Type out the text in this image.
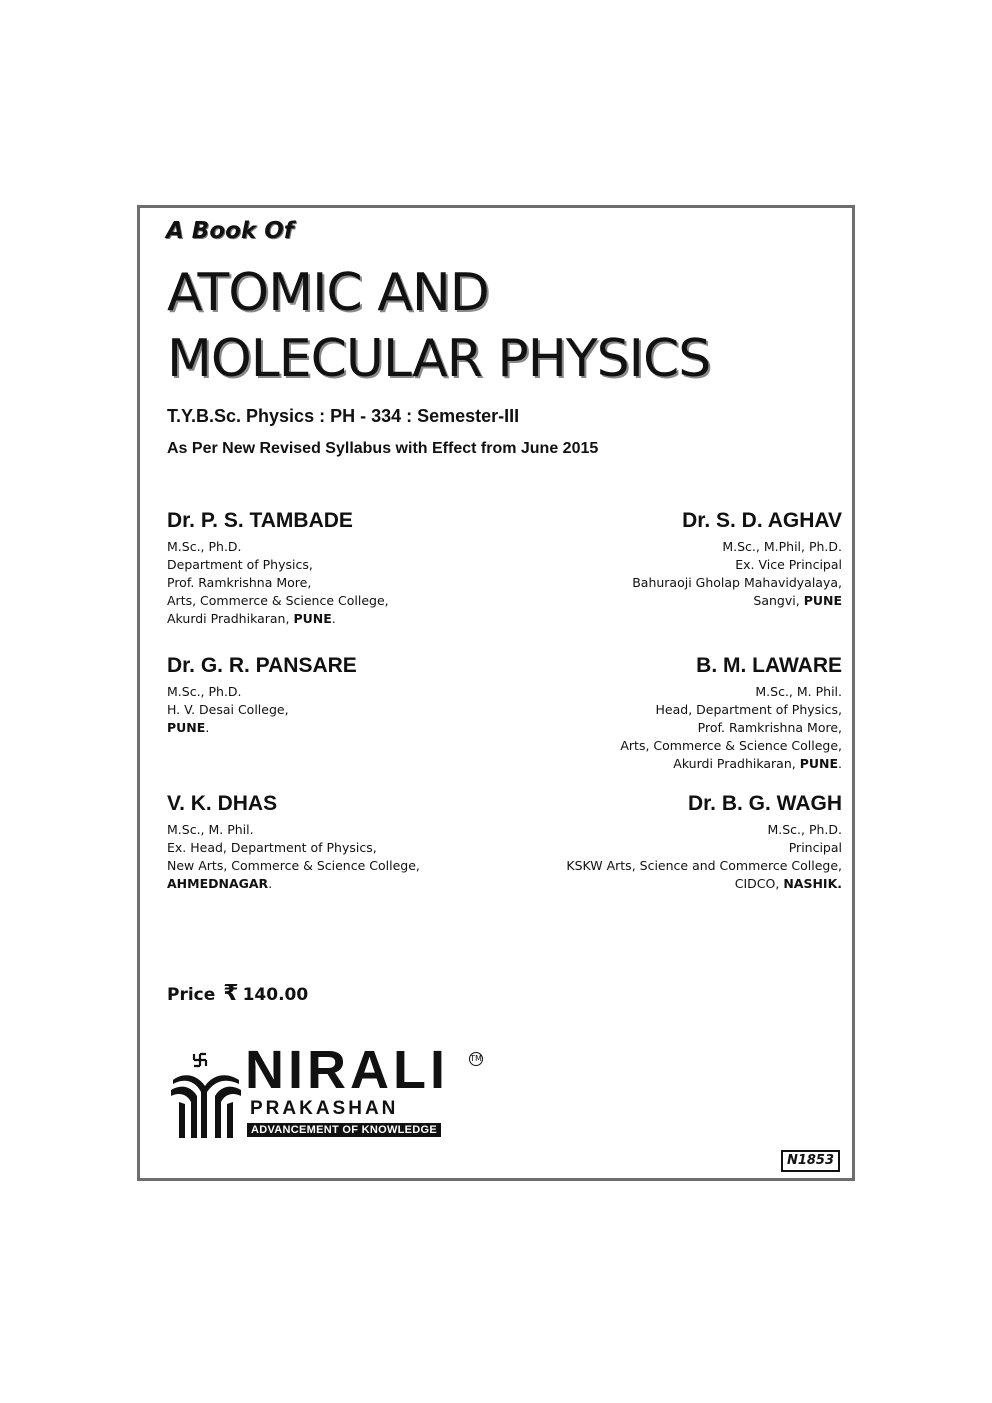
A Book Of
ATOMIC AND
MOLECULAR PHYSICS
T.Y.B.Sc. Physics : PH - 334 : Semester-III
As Per New Revised Syllabus with Effect from June 2015
Dr. P. S. TAMBADE
M.Sc., Ph.D.
Department of Physics,
Prof. Ramkrishna More,
Arts, Commerce & Science College,
Akurdi Pradhikaran, PUNE.
Dr. S. D. AGHAV
M.Sc., M.Phil, Ph.D.
Ex. Vice Principal
Bahuraoji Gholap Mahavidyalaya,
Sangvi, PUNE
Dr. G. R. PANSARE
M.Sc., Ph.D.
H. V. Desai College,
PUNE.
B. M. LAWARE
M.Sc., M. Phil.
Head, Department of Physics,
Prof. Ramkrishna More,
Arts, Commerce & Science College,
Akurdi Pradhikaran, PUNE.
V. K. DHAS
M.Sc., M. Phil.
Ex. Head, Department of Physics,
New Arts, Commerce & Science College,
AHMEDNAGAR.
Dr. B. G. WAGH
M.Sc., Ph.D.
Principal
KSKW Arts, Science and Commerce College,
CIDCO, NASHIK.
Price ₹ 140.00
NIRALI	TM
PRAKASHAN
ADVANCEMENT OF KNOWLEDGE
N1853
